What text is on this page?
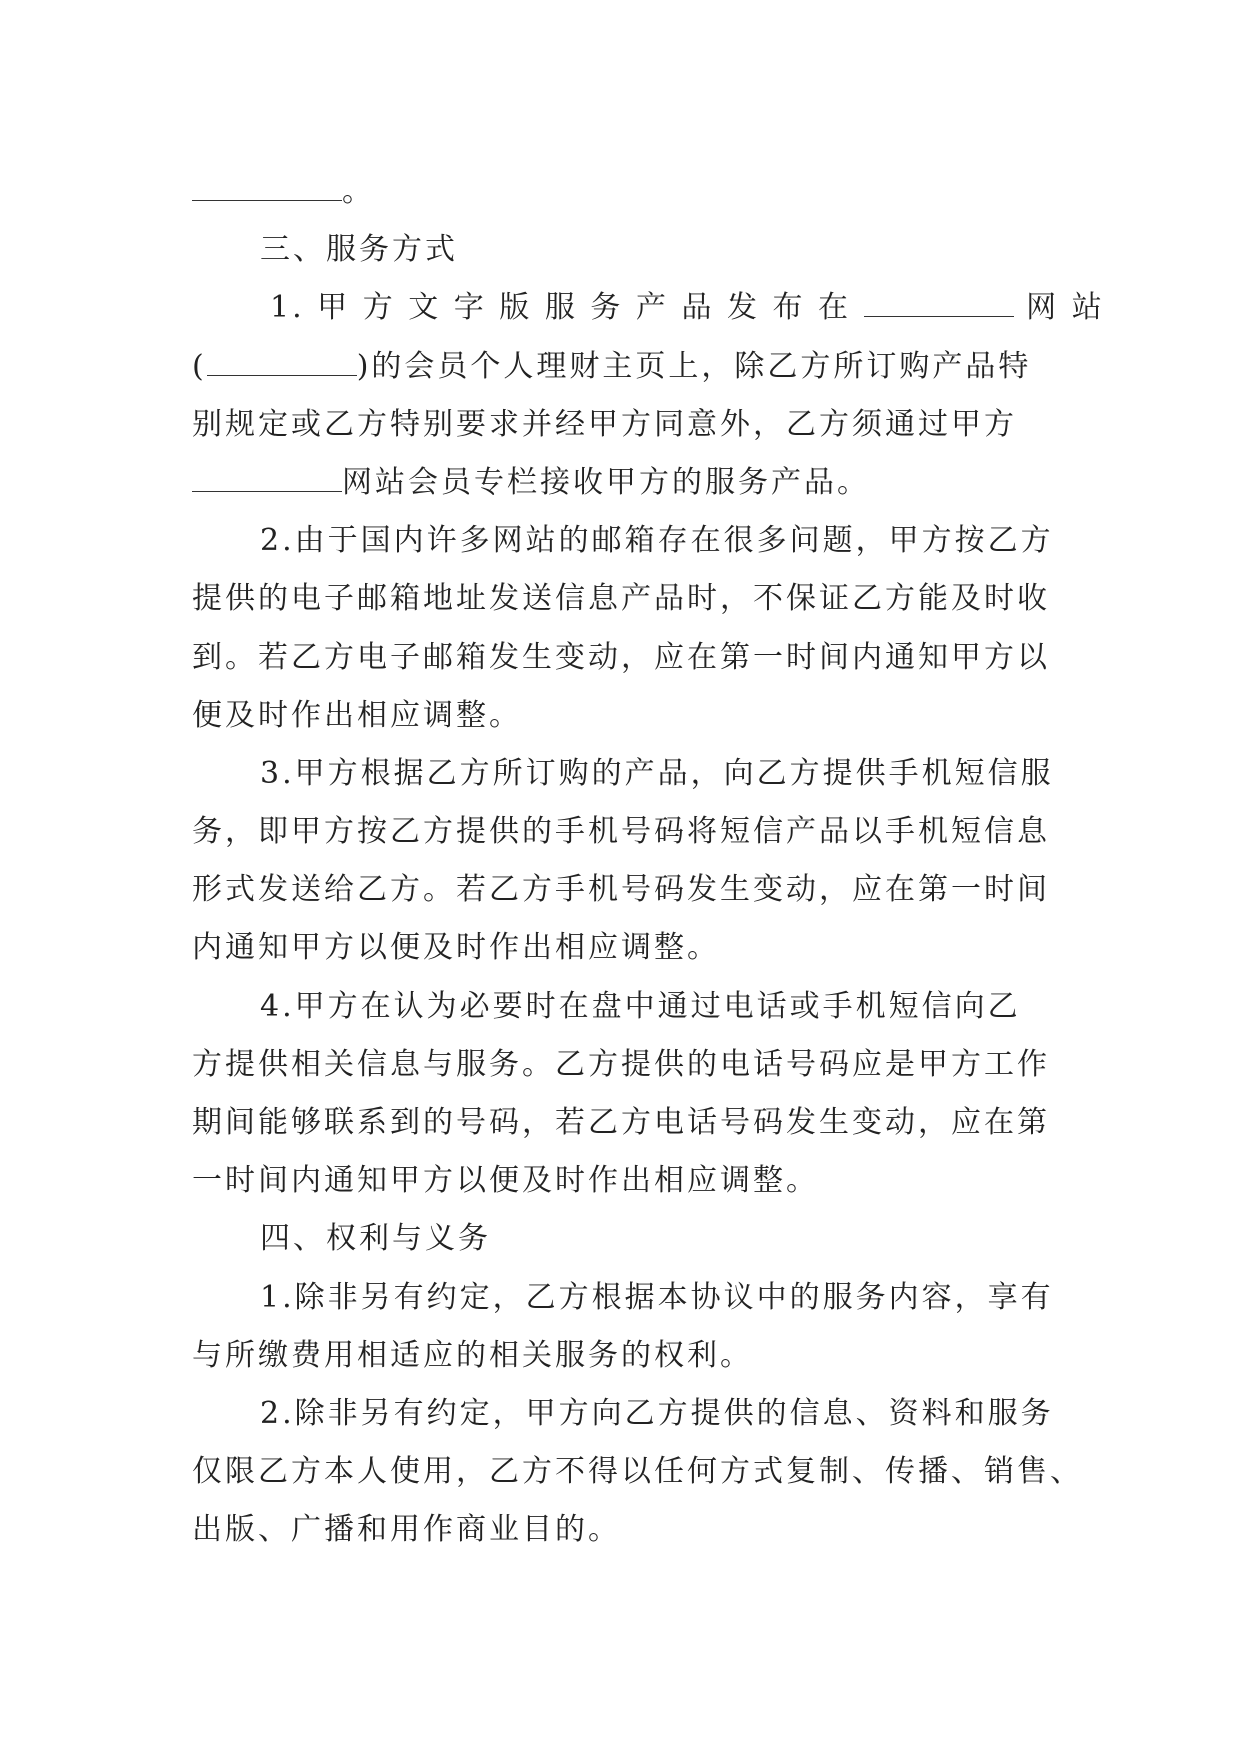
。
三、服务方式
1. 甲 方 文 字 版 服 务 产 品 发 布 在	网 站
(	)的会员个人理财主页上，除乙方所订购产品特
别规定或乙方特别要求并经甲方同意外，乙方须通过甲方
网站会员专栏接收甲方的服务产品。
2.由于国内许多网站的邮箱存在很多问题，甲方按乙方
提供的电子邮箱地址发送信息产品时，不保证乙方能及时收
到。若乙方电子邮箱发生变动，应在第一时间内通知甲方以
便及时作出相应调整。
3.甲方根据乙方所订购的产品，向乙方提供手机短信服
务，即甲方按乙方提供的手机号码将短信产品以手机短信息
形式发送给乙方。若乙方手机号码发生变动，应在第一时间
内通知甲方以便及时作出相应调整。
4.甲方在认为必要时在盘中通过电话或手机短信向乙
方提供相关信息与服务。乙方提供的电话号码应是甲方工作
期间能够联系到的号码，若乙方电话号码发生变动，应在第
一时间内通知甲方以便及时作出相应调整。
四、权利与义务
1.除非另有约定，乙方根据本协议中的服务内容，享有
与所缴费用相适应的相关服务的权利。
2.除非另有约定，甲方向乙方提供的信息、资料和服务
仅限乙方本人使用，乙方不得以任何方式复制、传播、销售、
出版、广播和用作商业目的。
